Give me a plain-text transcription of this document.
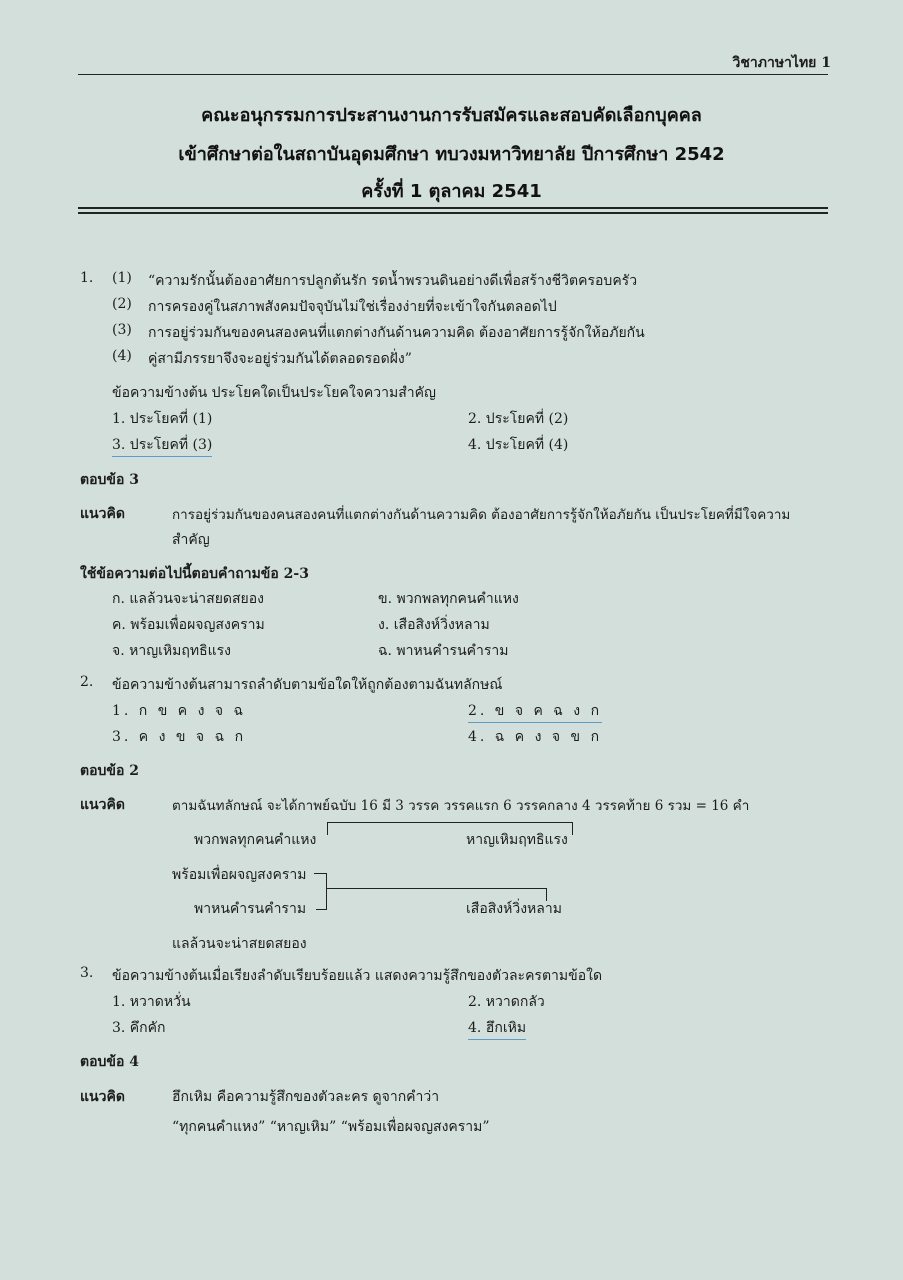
วิชาภาษาไทย 1
คณะอนุกรรมการประสานงานการรับสมัครและสอบคัดเลือกบุคคล
เข้าศึกษาต่อในสถาบันอุดมศึกษา ทบวงมหาวิทยาลัย ปีการศึกษา 2542
ครั้งที่ 1 ตุลาคม 2541
1. (1) “ความรักนั้นต้องอาศัยการปลูกต้นรัก รดน้ำพรวนดินอย่างดีเพื่อสร้างชีวิตครอบครัว
(2) การครองคู่ในสภาพสังคมปัจจุบันไม่ใช่เรื่องง่ายที่จะเข้าใจกันตลอดไป
(3) การอยู่ร่วมกันของคนสองคนที่แตกต่างกันด้านความคิด ต้องอาศัยการรู้จักให้อภัยกัน
(4) คู่สามีภรรยาจึงจะอยู่ร่วมกันได้ตลอดรอดฝั่ง”
ข้อความข้างต้น ประโยคใดเป็นประโยคใจความสำคัญ
1. ประโยคที่ (1)	2. ประโยคที่ (2)
3. ประโยคที่ (3)	4. ประโยคที่ (4)
ตอบข้อ 3
แนวคิด	การอยู่ร่วมกันของคนสองคนที่แตกต่างกันด้านความคิด ต้องอาศัยการรู้จักให้อภัยกัน เป็นประโยคที่มีใจความ
สำคัญ
ใช้ข้อความต่อไปนี้ตอบคำถามข้อ 2-3
ก. แลล้วนจะน่าสยดสยอง	ข. พวกพลทุกคนคำแหง
ค. พร้อมเพื่อผจญสงคราม	ง. เสือสิงห์วิ่งหลาม
จ. หาญเหิมฤทธิแรง	ฉ. พาหนคำรนคำราม
2. ข้อความข้างต้นสามารถลำดับตามข้อใดให้ถูกต้องตามฉันทลักษณ์
1. ก ข ค ง จ ฉ	2. ข จ ค ฉ ง ก
3. ค ง ข จ ฉ ก	4. ฉ ค ง จ ข ก
ตอบข้อ 2
แนวคิด	ตามฉันทลักษณ์ จะได้กาพย์ฉบับ 16 มี 3 วรรค วรรคแรก 6 วรรคกลาง 4 วรรคท้าย 6 รวม = 16 คำ
พวกพลทุกคนคำแหง	หาญเหิมฤทธิแรง
พร้อมเพื่อผจญสงคราม
พาหนคำรนคำราม	เสือสิงห์วิ่งหลาม
แลล้วนจะน่าสยดสยอง
3. ข้อความข้างต้นเมื่อเรียงลำดับเรียบร้อยแล้ว แสดงความรู้สึกของตัวละครตามข้อใด
1. หวาดหวั่น	2. หวาดกลัว
3. คึกคัก	4. ฮึกเหิม
ตอบข้อ 4
แนวคิด	ฮึกเหิม คือความรู้สึกของตัวละคร ดูจากคำว่า
“ทุกคนคำแหง” “หาญเหิม” “พร้อมเพื่อผจญสงคราม”
